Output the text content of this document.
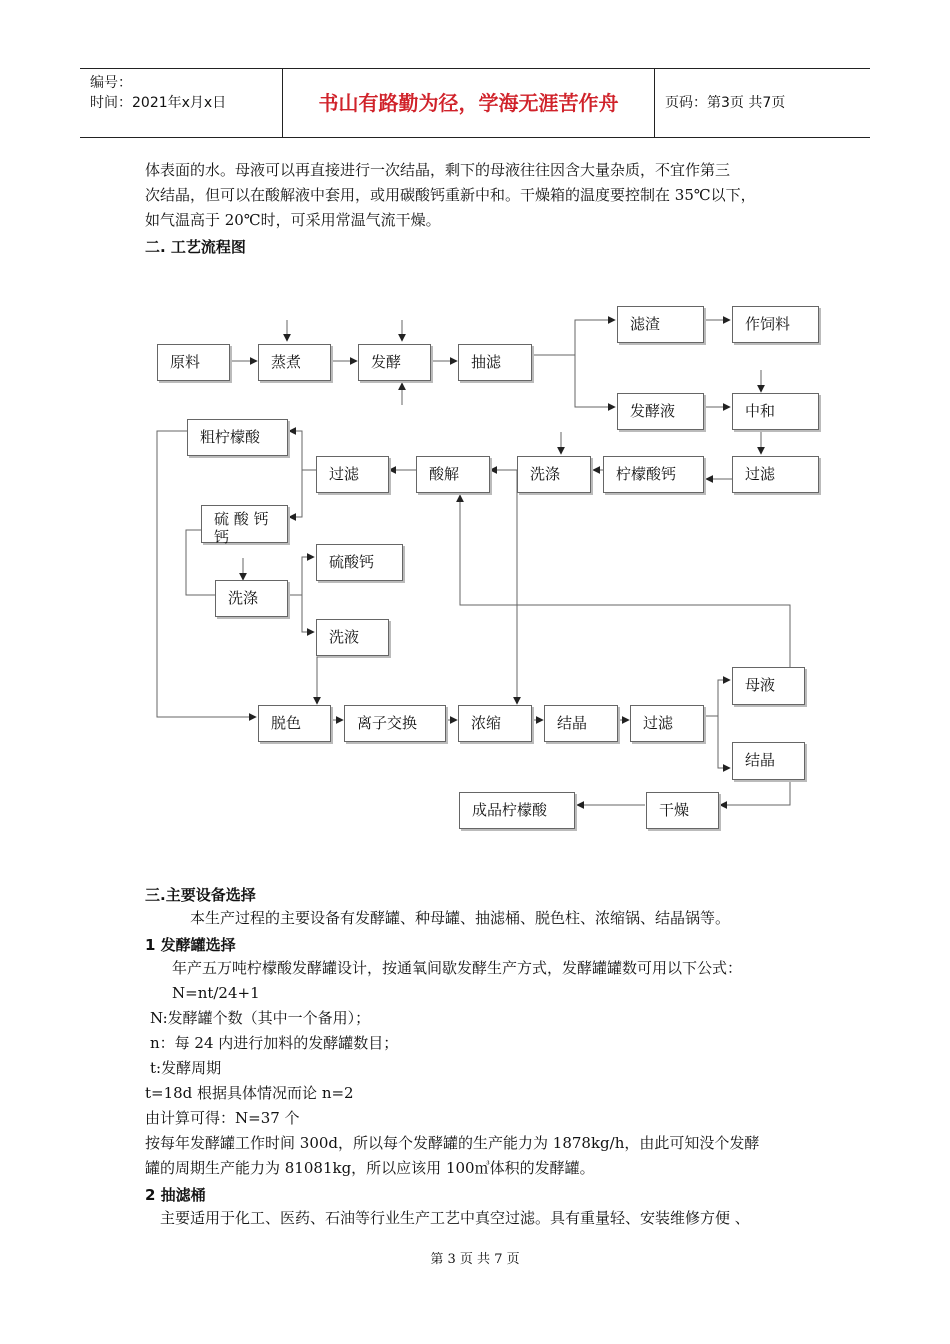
编号：
时间：2021年x月x日	书山有路勤为径，学海无涯苦作舟	页码：第3页 共7页
体表面的水。母液可以再直接进行一次结晶，剩下的母液往往因含大量杂质，不宜作第三
次结晶，但可以在酸解液中套用，或用碳酸钙重新中和。干燥箱的温度要控制在 35℃以下，
如气温高于 20℃时，可采用常温气流干燥。
二. 工艺流程图
原料	蒸煮	发酵	抽滤
滤渣	作饲料
发酵液	中和
过滤
柠檬酸钙
洗涤
酸解
过滤
粗柠檬酸
硫 酸 钙
钙
洗涤
硫酸钙
洗液
脱色	离子交换	浓缩	结晶	过滤
母液
结晶
干燥
成品柠檬酸
三.主要设备选择
本生产过程的主要设备有发酵罐、种母罐、抽滤桶、脱色柱、浓缩锅、结晶锅等。
1 发酵罐选择
年产五万吨柠檬酸发酵罐设计，按通氧间歇发酵生产方式，发酵罐罐数可用以下公式：
N=nt/24+1
N:发酵罐个数（其中一个备用）；
n：每 24 内进行加料的发酵罐数目；
t:发酵周期
t=18d 根据具体情况而论 n=2
由计算可得：N=37 个
按每年发酵罐工作时间 300d，所以每个发酵罐的生产能力为 1878kg/h，由此可知没个发酵
罐的周期生产能力为 81081kg，所以应该用 100㎥体积的发酵罐。
2 抽滤桶
主要适用于化工、医药、石油等行业生产工艺中真空过滤。具有重量轻、安装维修方便 、
第 3 页 共 7 页
